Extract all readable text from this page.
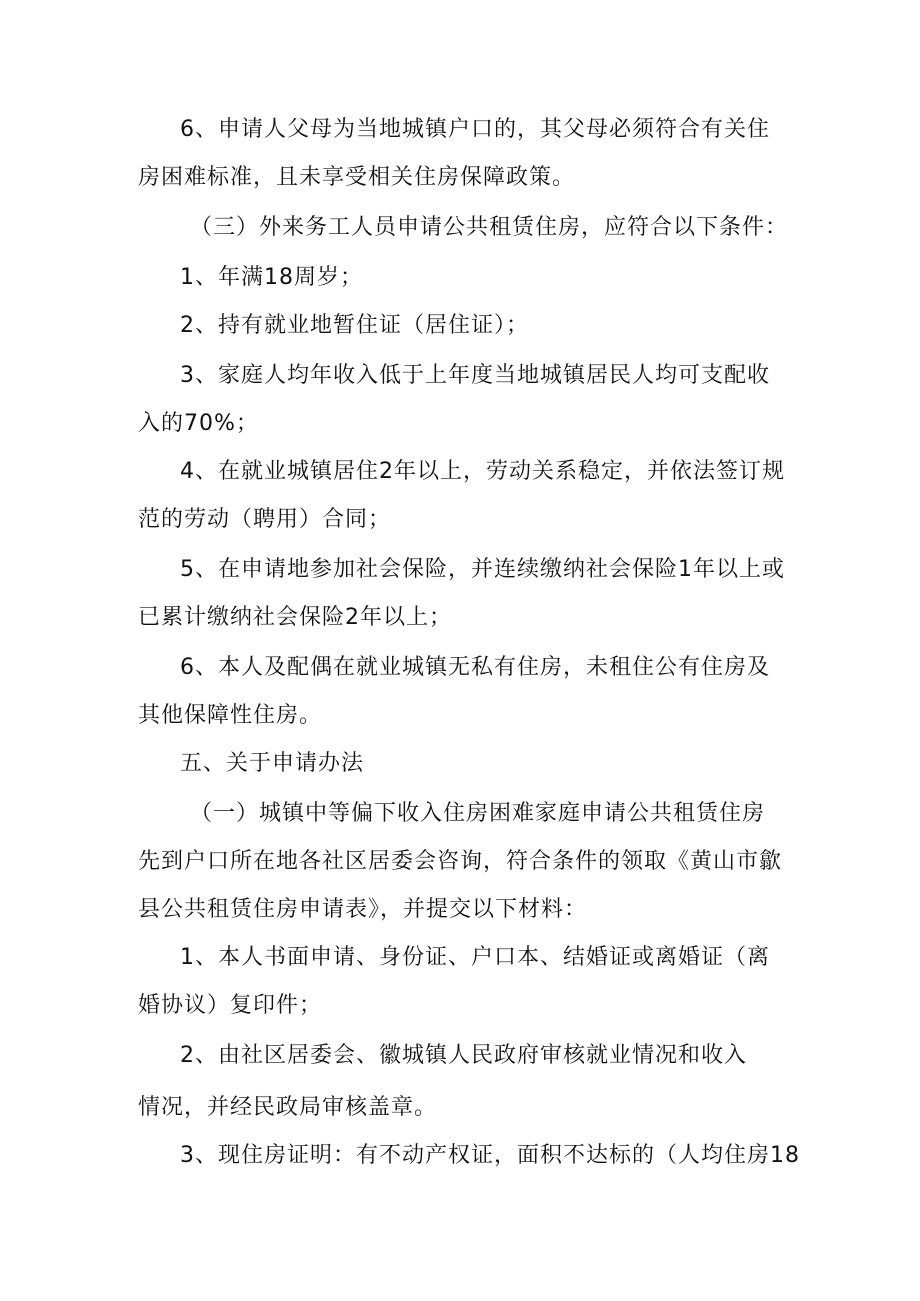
6、申请人父母为当地城镇户口的，其父母必须符合有关住
房困难标准，且未享受相关住房保障政策。
（三）外来务工人员申请公共租赁住房，应符合以下条件：
1、年满18周岁；
2、持有就业地暂住证（居住证）；
3、家庭人均年收入低于上年度当地城镇居民人均可支配收
入的70%；
4、在就业城镇居住2年以上，劳动关系稳定，并依法签订规
范的劳动（聘用）合同；
5、在申请地参加社会保险，并连续缴纳社会保险1年以上或
已累计缴纳社会保险2年以上；
6、本人及配偶在就业城镇无私有住房，未租住公有住房及
其他保障性住房。
五、关于申请办法
（一）城镇中等偏下收入住房困难家庭申请公共租赁住房
先到户口所在地各社区居委会咨询，符合条件的领取《黄山市歙
县公共租赁住房申请表》，并提交以下材料：
1、本人书面申请、身份证、户口本、结婚证或离婚证（离
婚协议）复印件；
2、由社区居委会、徽城镇人民政府审核就业情况和收入
情况，并经民政局审核盖章。
3、现住房证明：有不动产权证，面积不达标的（人均住房18
